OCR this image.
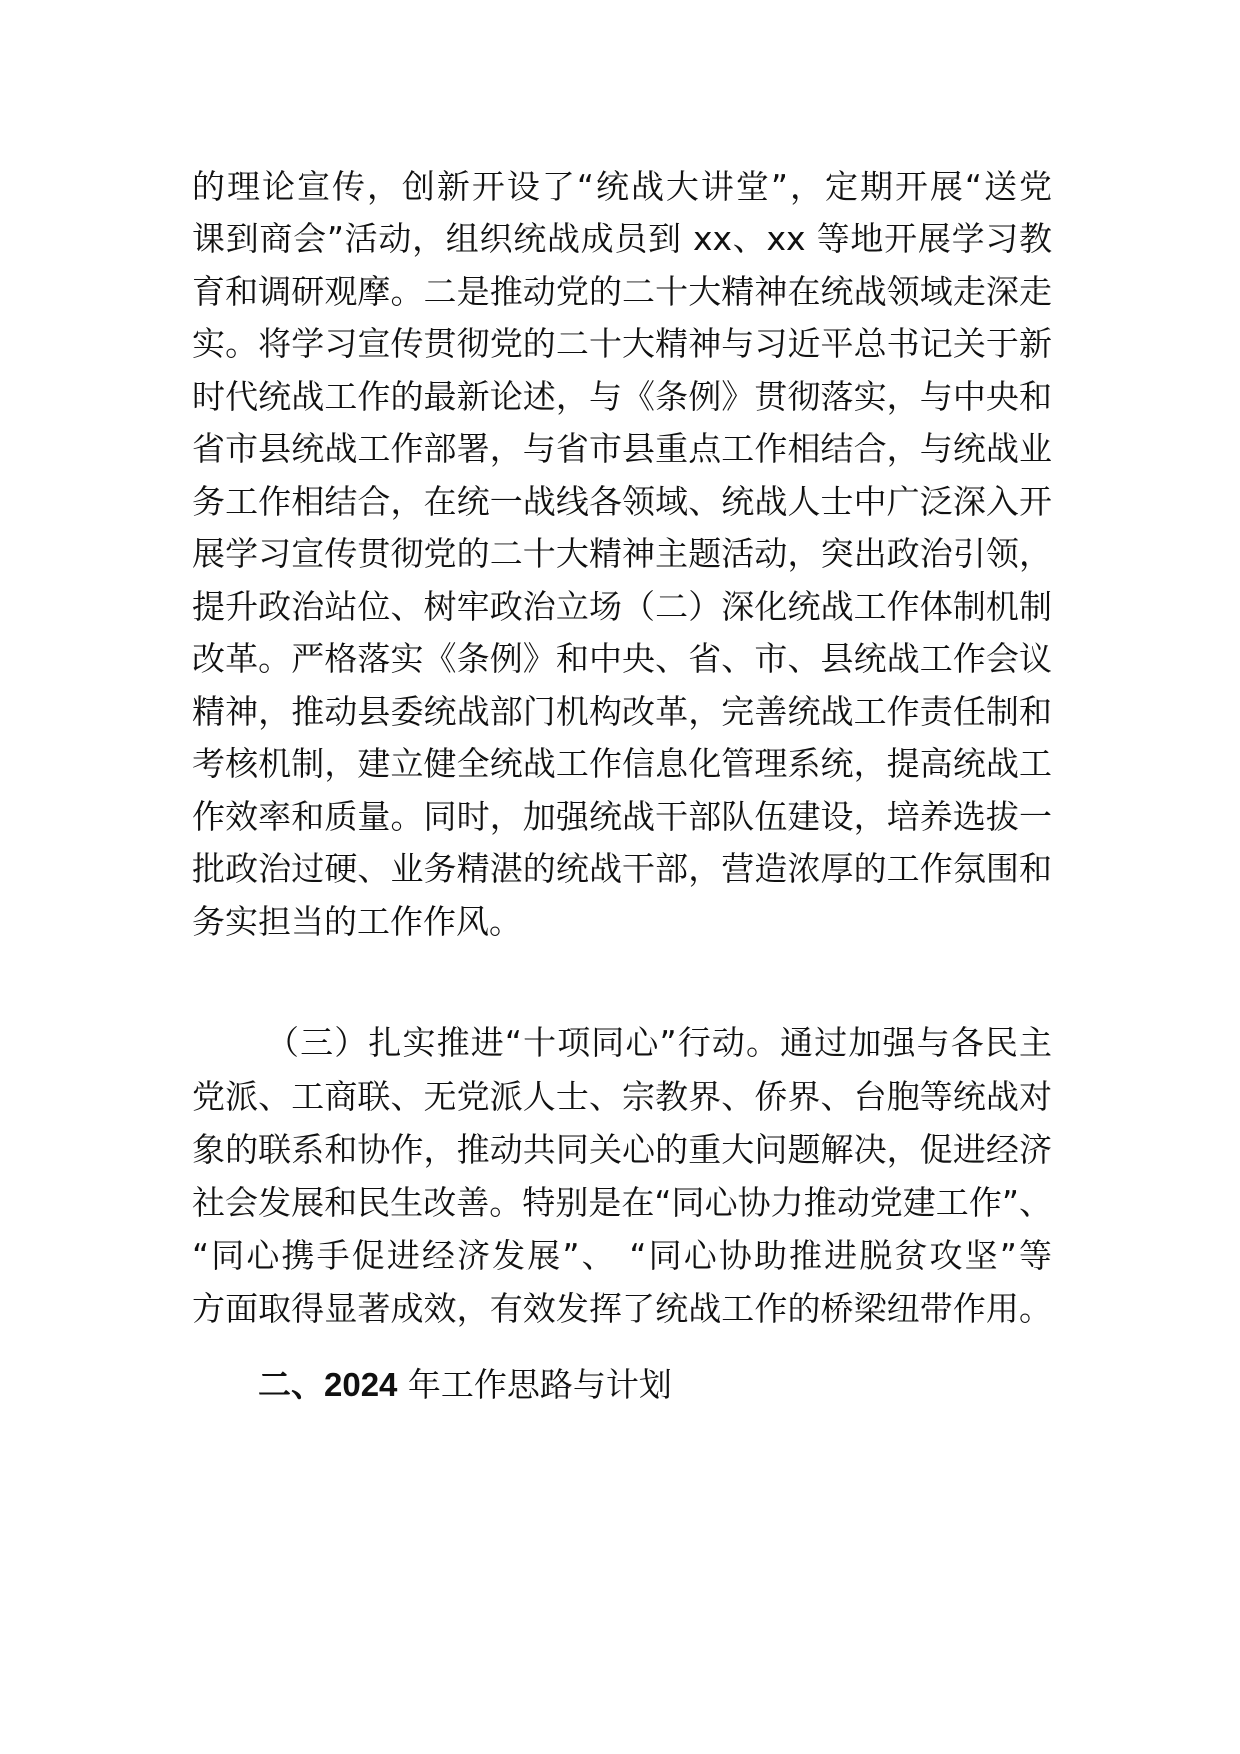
的理论宣传，创新开设了“统战大讲堂”，定期开展“送党
课到商会”活动，组织统战成员到 xx、xx 等地开展学习教
育和调研观摩。二是推动党的二十大精神在统战领域走深走
实。将学习宣传贯彻党的二十大精神与习近平总书记关于新
时代统战工作的最新论述，与《条例》贯彻落实，与中央和
省市县统战工作部署，与省市县重点工作相结合，与统战业
务工作相结合，在统一战线各领域、统战人士中广泛深入开
展学习宣传贯彻党的二十大精神主题活动，突出政治引领，
提升政治站位、树牢政治立场（二）深化统战工作体制机制
改革。严格落实《条例》和中央、省、市、县统战工作会议
精神，推动县委统战部门机构改革，完善统战工作责任制和
考核机制，建立健全统战工作信息化管理系统，提高统战工
作效率和质量。同时，加强统战干部队伍建设，培养选拔一
批政治过硬、业务精湛的统战干部，营造浓厚的工作氛围和
务实担当的工作作风。
（三）扎实推进“十项同心”行动。通过加强与各民主
党派、工商联、无党派人士、宗教界、侨界、台胞等统战对
象的联系和协作，推动共同关心的重大问题解决，促进经济
社会发展和民生改善。特别是在“同心协力推动党建工作”、
“同心携手促进经济发展”、 “同心协助推进脱贫攻坚”等
方面取得显著成效，有效发挥了统战工作的桥梁纽带作用。
二、2024 年工作思路与计划
